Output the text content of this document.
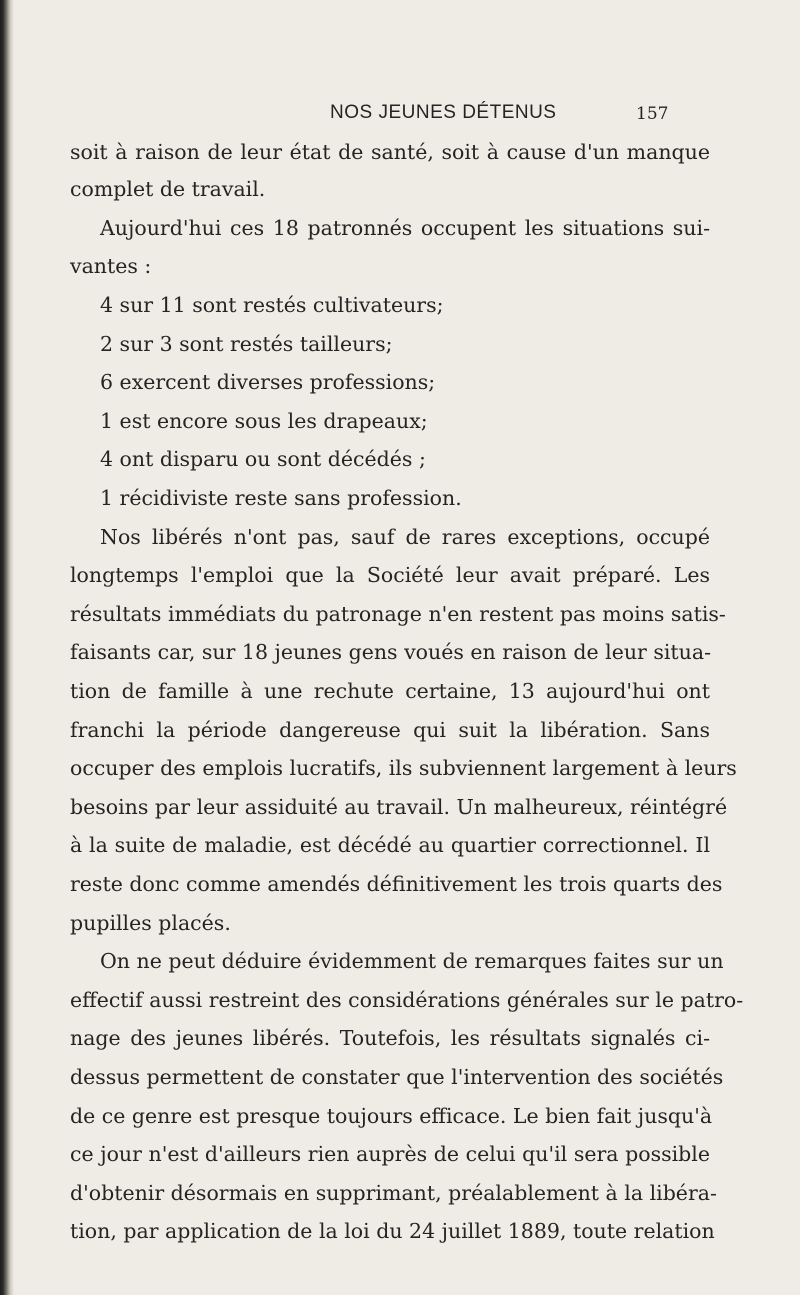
NOS JEUNES DÉTENUS	157
soit à raison de leur état de santé, soit à cause d'un manque
complet de travail.
Aujourd'hui ces 18 patronnés occupent les situations sui-
vantes :
4 sur 11 sont restés cultivateurs;
2 sur 3 sont restés tailleurs;
6 exercent diverses professions;
1 est encore sous les drapeaux;
4 ont disparu ou sont décédés ;
1 récidiviste reste sans profession.
Nos libérés n'ont pas, sauf de rares exceptions, occupé
longtemps l'emploi que la Société leur avait préparé. Les
résultats immédiats du patronage n'en restent pas moins satis-
faisants car, sur 18 jeunes gens voués en raison de leur situa-
tion de famille à une rechute certaine, 13 aujourd'hui ont
franchi la période dangereuse qui suit la libération. Sans
occuper des emplois lucratifs, ils subviennent largement à leurs
besoins par leur assiduité au travail. Un malheureux, réintégré
à la suite de maladie, est décédé au quartier correctionnel. Il
reste donc comme amendés définitivement les trois quarts des
pupilles placés.
On ne peut déduire évidemment de remarques faites sur un
effectif aussi restreint des considérations générales sur le patro-
nage des jeunes libérés. Toutefois, les résultats signalés ci-
dessus permettent de constater que l'intervention des sociétés
de ce genre est presque toujours efficace. Le bien fait jusqu'à
ce jour n'est d'ailleurs rien auprès de celui qu'il sera possible
d'obtenir désormais en supprimant, préalablement à la libéra-
tion, par application de la loi du 24 juillet 1889, toute relation
